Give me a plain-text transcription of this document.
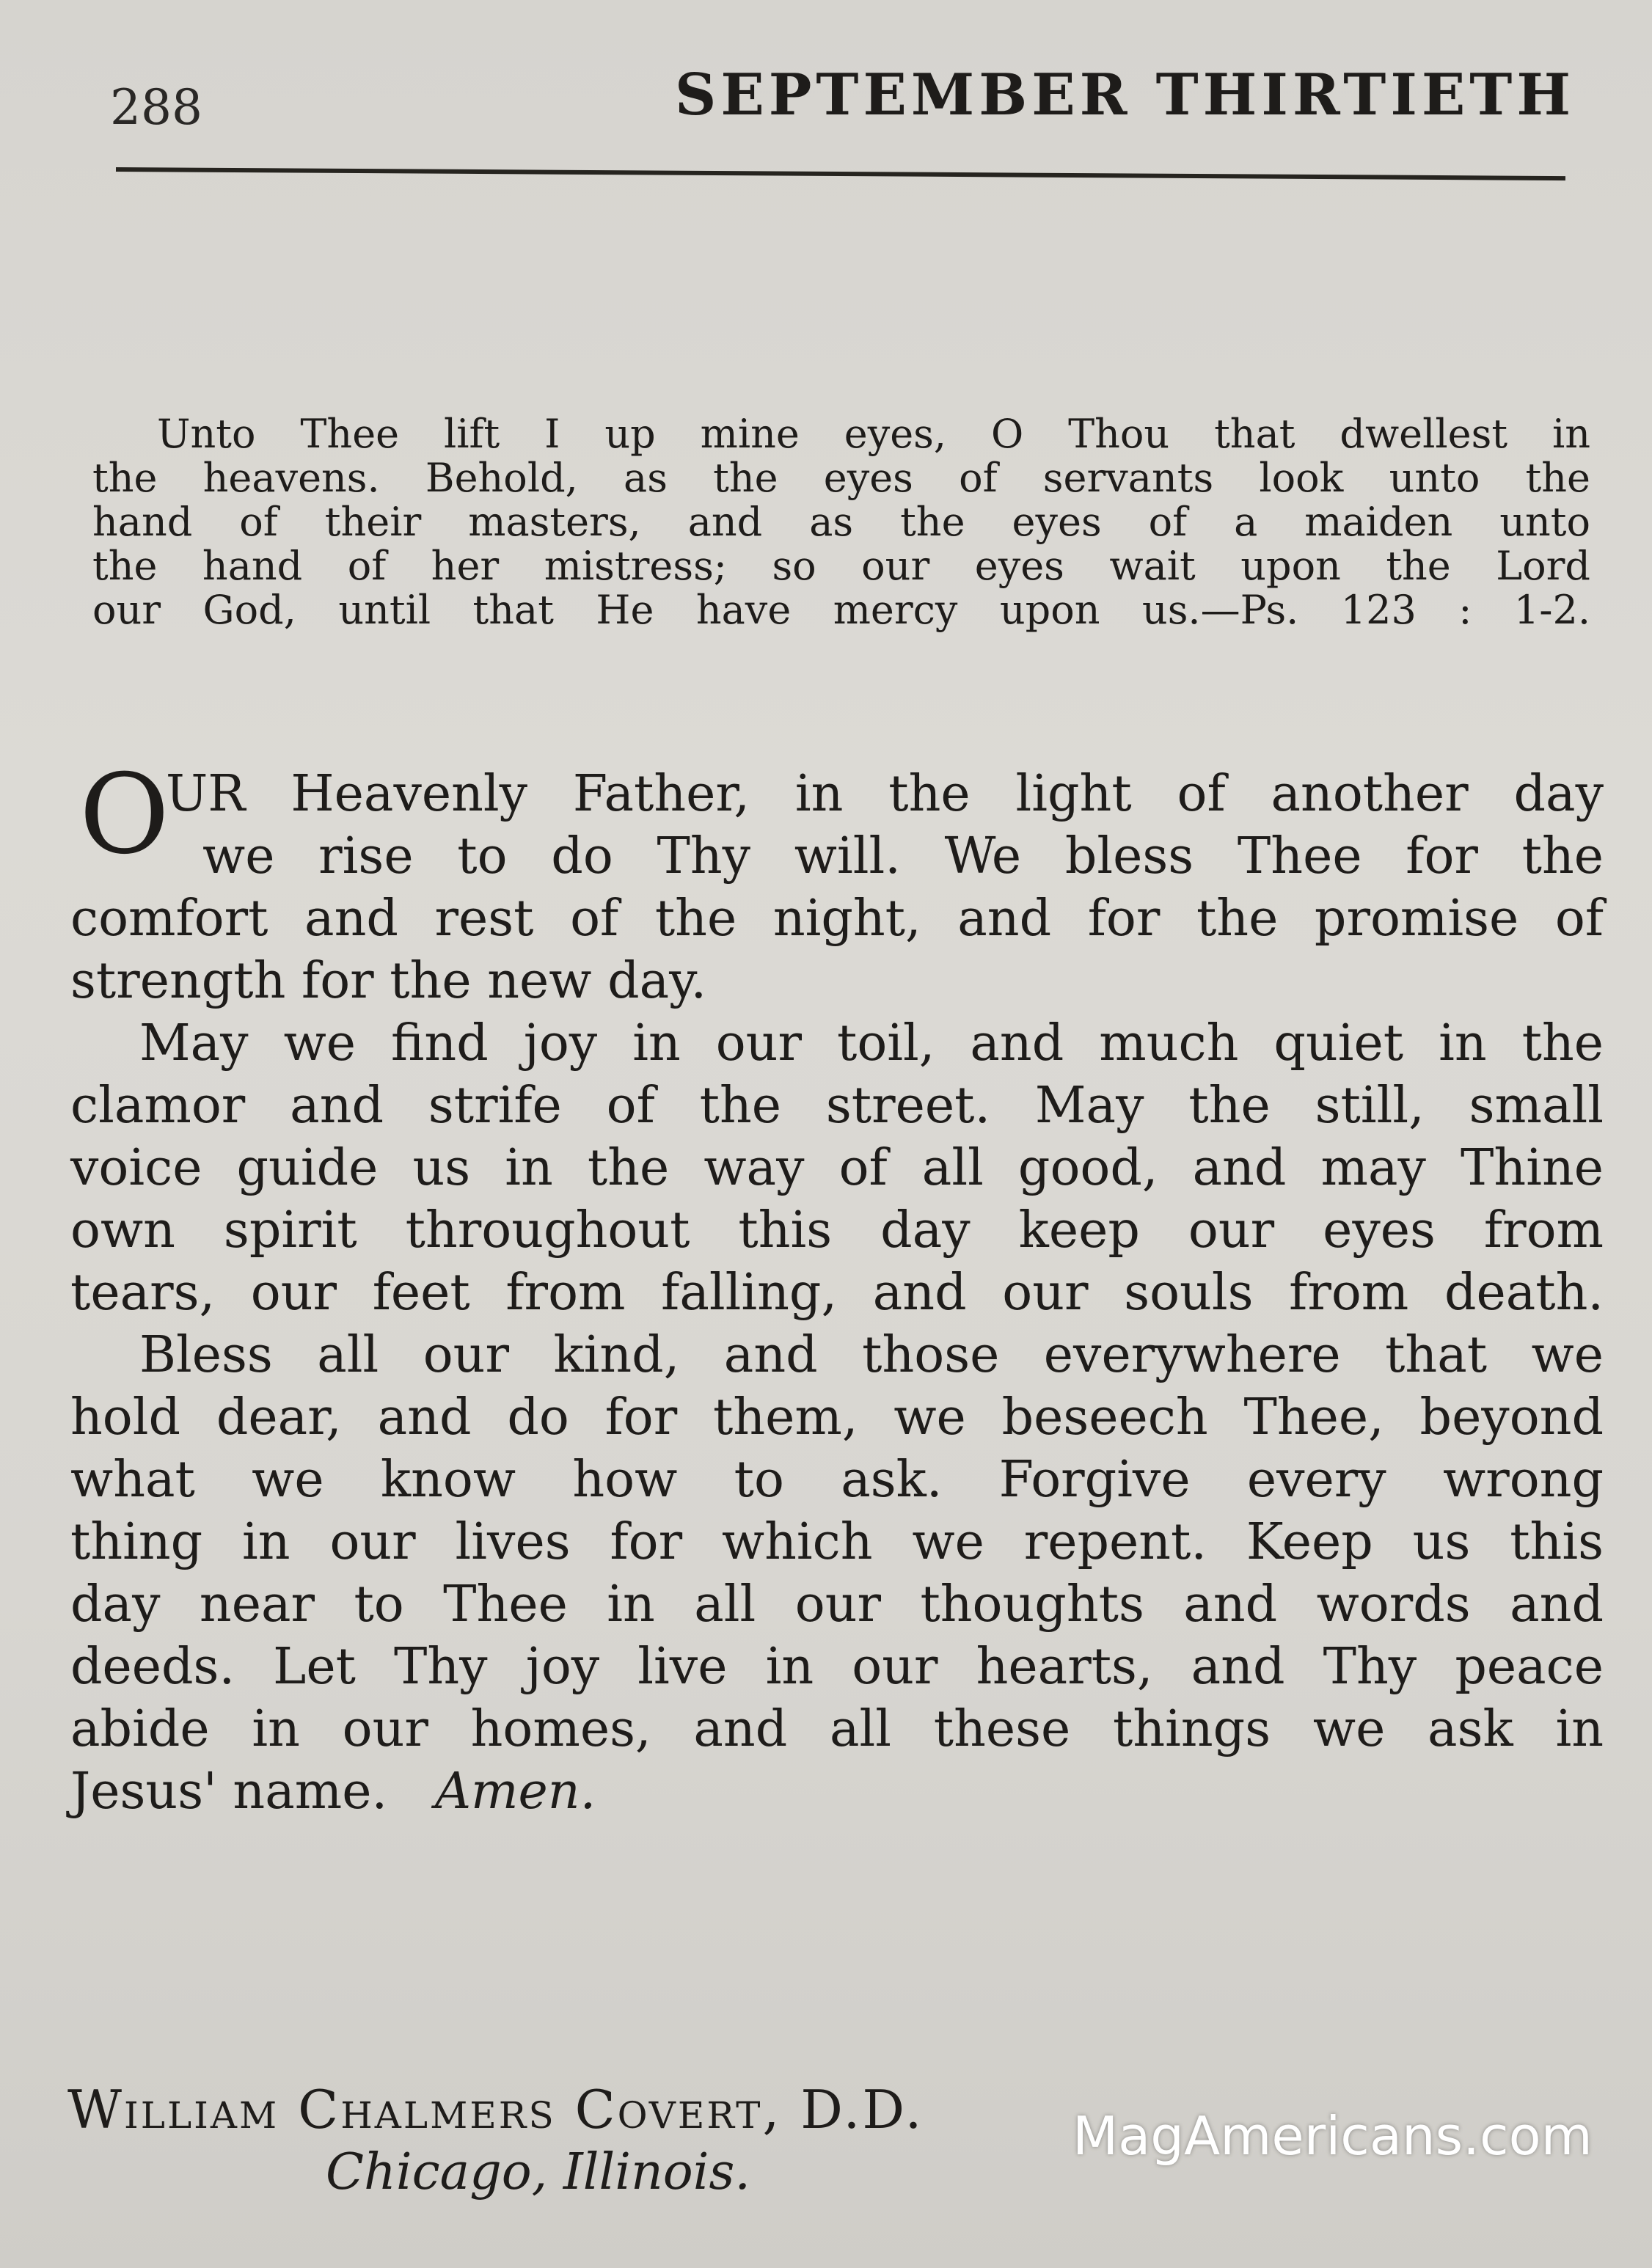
288	SEPTEMBER THIRTIETH
Unto Thee lift I up mine eyes, O Thou that dwellest in
the heavens. Behold, as the eyes of servants look unto the
hand of their masters, and as the eyes of a maiden unto
the hand of her mistress; so our eyes wait upon the Lord
our God, until that He have mercy upon us.—Ps. 123 : 1-2.
O
UR Heavenly Father, in the light of another day
we rise to do Thy will. We bless Thee for the
comfort and rest of the night, and for the promise of
strength for the new day.
May we find joy in our toil, and much quiet in the
clamor and strife of the street. May the still, small
voice guide us in the way of all good, and may Thine
own spirit throughout this day keep our eyes from
tears, our feet from falling, and our souls from death.
Bless all our kind, and those everywhere that we
hold dear, and do for them, we beseech Thee, beyond
what we know how to ask. Forgive every wrong
thing in our lives for which we repent. Keep us this
day near to Thee in all our thoughts and words and
deeds. Let Thy joy live in our hearts, and Thy peace
abide in our homes, and all these things we ask in
Jesus' name. Amen.
William Chalmers Covert, D.D.
Chicago, Illinois.
MagAmericans.com
